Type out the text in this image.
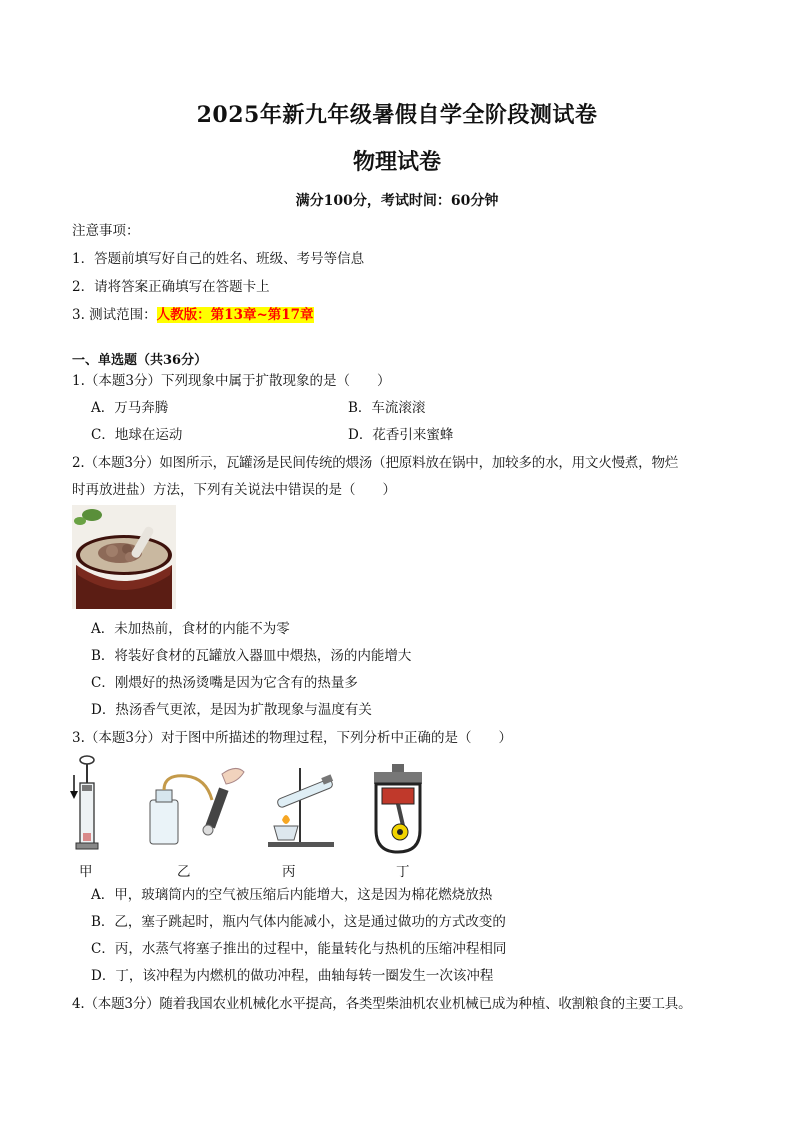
2025年新九年级暑假自学全阶段测试卷
物理试卷
满分100分，考试时间：60分钟
注意事项：
1．答题前填写好自己的姓名、班级、考号等信息
2．请将答案正确填写在答题卡上
3. 测试范围：人教版：第13章~第17章
一、单选题（共36分）
1.（本题3分）下列现象中属于扩散现象的是（　　）
A．万马奔腾	B．车流滚滚
C．地球在运动	D．花香引来蜜蜂
2.（本题3分）如图所示，瓦罐汤是民间传统的煨汤（把原料放在锅中，加较多的水，用文火慢煮，物烂
时再放进盐）方法，下列有关说法中错误的是（　　）
A．未加热前，食材的内能不为零
B．将装好食材的瓦罐放入器皿中煨热，汤的内能增大
C．刚煨好的热汤烫嘴是因为它含有的热量多
D．热汤香气更浓，是因为扩散现象与温度有关
3.（本题3分）对于图中所描述的物理过程，下列分析中正确的是（　　）
甲	乙	丙	丁
A．甲，玻璃筒内的空气被压缩后内能增大，这是因为棉花燃烧放热
B．乙，塞子跳起时，瓶内气体内能减小，这是通过做功的方式改变的
C．丙，水蒸气将塞子推出的过程中，能量转化与热机的压缩冲程相同
D．丁，该冲程为内燃机的做功冲程，曲轴每转一圈发生一次该冲程
4.（本题3分）随着我国农业机械化水平提高，各类型柴油机农业机械已成为种植、收割粮食的主要工具。
